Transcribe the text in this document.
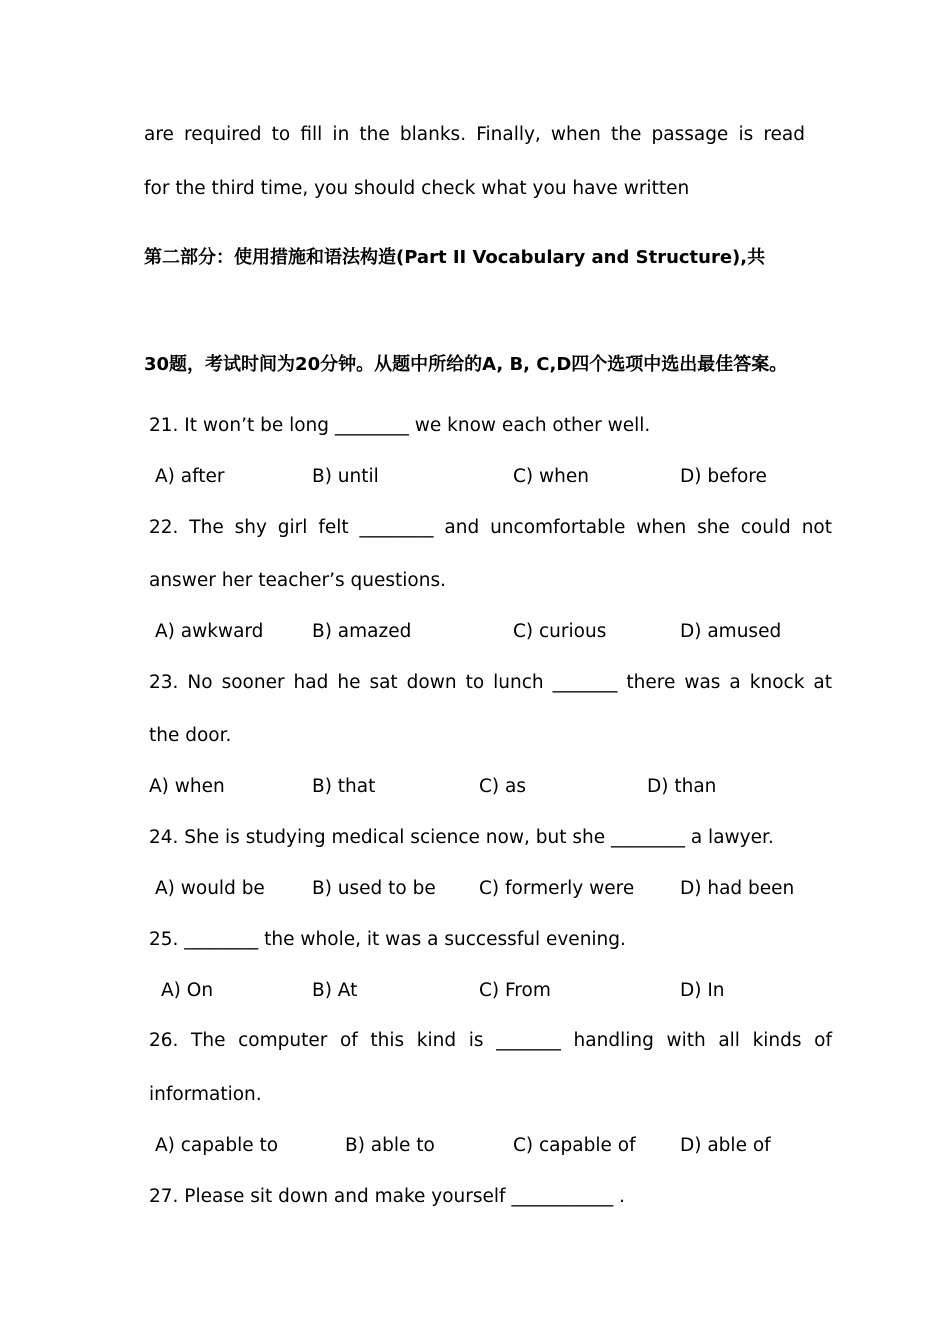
are required to fill in the blanks. Finally, when the passage is read
for the third time, you should check what you have written
第二部分：使用措施和语法构造(Part II Vocabulary and Structure),共
30题，考试时间为20分钟。从题中所给的A, B, C,D四个选项中选出最佳答案。
21. It won’t be long ________ we know each other well.
A) after	B) until	C) when	D) before
22. The shy girl felt ________ and uncomfortable when she could not
answer her teacher’s questions.
A) awkward	B) amazed	C) curious	D) amused
23. No sooner had he sat down to lunch _______ there was a knock at
the door.
A) when	B) that	C) as	D) than
24. She is studying medical science now, but she ________ a lawyer.
A) would be	B) used to be C) formerly were D) had been
25. ________ the whole, it was a successful evening.
A) On	B) At	C) From	D) In
26. The computer of this kind is _______ handling with all kinds of
information.
A) capable to	B) able to	C) capable of D) able of
27. Please sit down and make yourself ___________ .
